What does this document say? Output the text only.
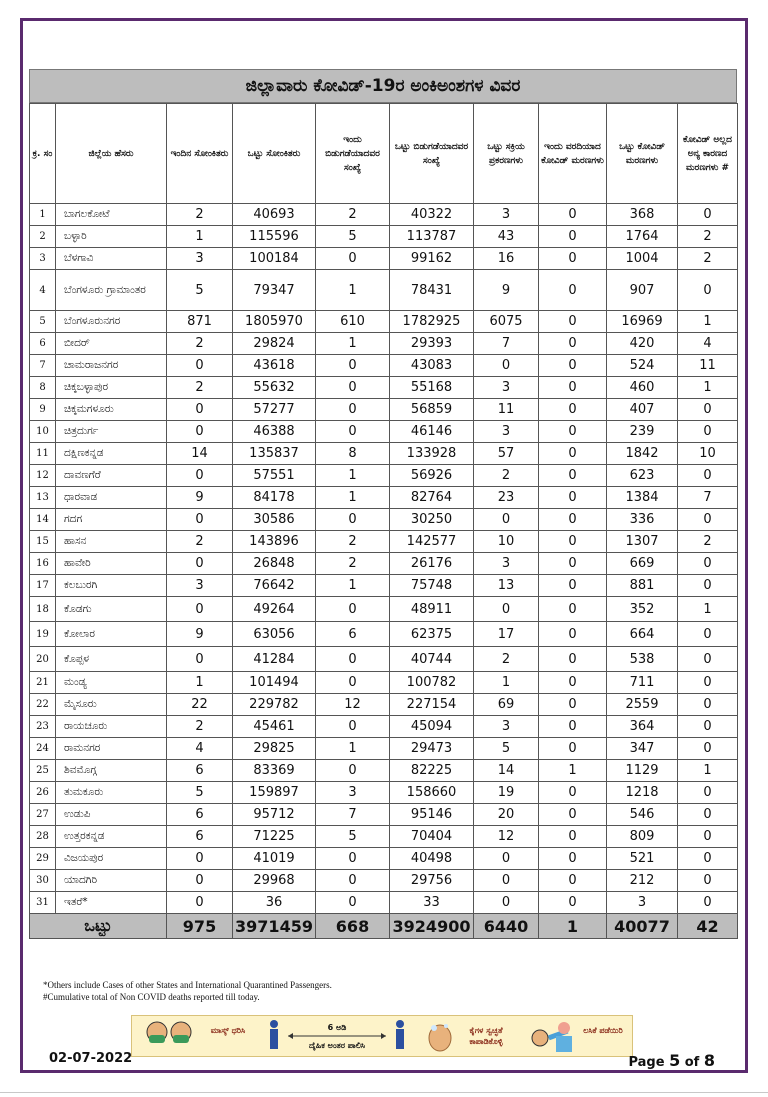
ಜಿಲ್ಲಾವಾರು ಕೋವಿಡ್-19ರ ಅಂಕಿಅಂಶಗಳ ವಿವರ
ಕ್ರ. ಸಂ	ಜಿಲ್ಲೆಯ ಹೆಸರು	ಇಂದಿನ ಸೋಂಕಿತರು	ಒಟ್ಟು ಸೋಂಕಿತರು	ಇಂದು ಬಿಡುಗಡೆಯಾದವರ ಸಂಖ್ಯೆ	ಒಟ್ಟು ಬಿಡುಗಡೆಯಾದವರ ಸಂಖ್ಯೆ	ಒಟ್ಟು ಸಕ್ರಿಯ ಪ್ರಕರಣಗಳು	ಇಂದು ವರದಿಯಾದ ಕೋವಿಡ್ ಮರಣಗಳು	ಒಟ್ಟು ಕೋವಿಡ್ ಮರಣಗಳು	ಕೋವಿಡ್ ಅಲ್ಲದ ಅನ್ಯ ಕಾರಣದ ಮರಣಗಳು #
1	ಬಾಗಲಕೋಟೆ	2	40693	2	40322	3	0	368	0
2	ಬಳ್ಳಾರಿ	1	115596	5	113787	43	0	1764	2
3	ಬೆಳಗಾವಿ	3	100184	0	99162	16	0	1004	2
4	ಬೆಂಗಳೂರು ಗ್ರಾಮಾಂತರ	5	79347	1	78431	9	0	907	0
5	ಬೆಂಗಳೂರುನಗರ	871	1805970	610	1782925	6075	0	16969	1
6	ಬೀದರ್	2	29824	1	29393	7	0	420	4
7	ಚಾಮರಾಜನಗರ	0	43618	0	43083	0	0	524	11
8	ಚಿಕ್ಕಬಳ್ಳಾಪುರ	2	55632	0	55168	3	0	460	1
9	ಚಿಕ್ಕಮಗಳೂರು	0	57277	0	56859	11	0	407	0
10	ಚಿತ್ರದುರ್ಗ	0	46388	0	46146	3	0	239	0
11	ದಕ್ಷಿಣಕನ್ನಡ	14	135837	8	133928	57	0	1842	10
12	ದಾವಣಗೆರೆ	0	57551	1	56926	2	0	623	0
13	ಧಾರವಾಡ	9	84178	1	82764	23	0	1384	7
14	ಗದಗ	0	30586	0	30250	0	0	336	0
15	ಹಾಸನ	2	143896	2	142577	10	0	1307	2
16	ಹಾವೇರಿ	0	26848	2	26176	3	0	669	0
17	ಕಲಬುರಗಿ	3	76642	1	75748	13	0	881	0
18	ಕೊಡಗು	0	49264	0	48911	0	0	352	1
19	ಕೋಲಾರ	9	63056	6	62375	17	0	664	0
20	ಕೊಪ್ಪಳ	0	41284	0	40744	2	0	538	0
21	ಮಂಡ್ಯ	1	101494	0	100782	1	0	711	0
22	ಮೈಸೂರು	22	229782	12	227154	69	0	2559	0
23	ರಾಯಚೂರು	2	45461	0	45094	3	0	364	0
24	ರಾಮನಗರ	4	29825	1	29473	5	0	347	0
25	ಶಿವಮೊಗ್ಗ	6	83369	0	82225	14	1	1129	1
26	ತುಮಕೂರು	5	159897	3	158660	19	0	1218	0
27	ಉಡುಪಿ	6	95712	7	95146	20	0	546	0
28	ಉತ್ತರಕನ್ನಡ	6	71225	5	70404	12	0	809	0
29	ವಿಜಯಪುರ	0	41019	0	40498	0	0	521	0
30	ಯಾದಗಿರಿ	0	29968	0	29756	0	0	212	0
31	ಇತರೆ*	0	36	0	33	0	0	3	0
ಒಟ್ಟು		975	3971459	668	3924900	6440	1	40077	42
*Others include Cases of other States and International Quarantined Passengers.
#Cumulative total of Non COVID deaths reported till today.
ಮಾಸ್ಕ್ ಧರಿಸಿ	6 ಅಡಿ
ದೈಹಿಕ ಅಂತರ ಪಾಲಿಸಿ
ಕೈಗಳ ಸ್ವಚ್ಛತೆ ಕಾಪಾಡಿಕೊಳ್ಳಿ
ಲಸಿಕೆ ಪಡೆಯಿರಿ
02-07-2022	Page 5 of 8
